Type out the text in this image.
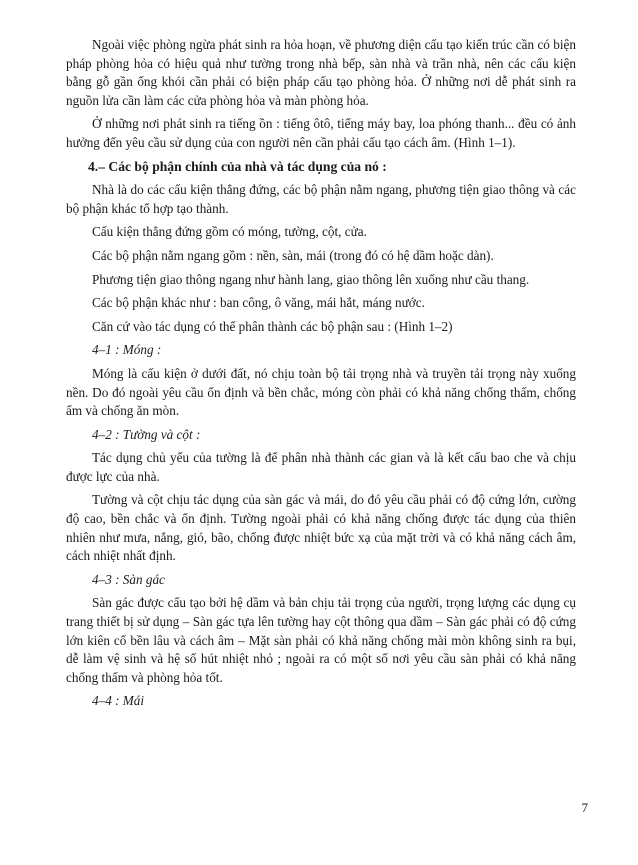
Ngoài việc phòng ngừa phát sinh ra hỏa hoạn, về phương diện cấu tạo kiến trúc cần có biện pháp phòng hỏa có hiệu quả như tường trong nhà bếp, sàn nhà và trần nhà, nên các cấu kiện bằng gỗ gần ống khói cần phải có biện pháp cấu tạo phòng hỏa. Ở những nơi dễ phát sinh ra nguồn lửa cần làm các cửa phòng hỏa và màn phòng hỏa.

Ở những nơi phát sinh ra tiếng ồn : tiếng ôtô, tiếng máy bay, loa phóng thanh... đều có ảnh hưởng đến yêu cầu sử dụng của con người nên cần phải cấu tạo cách âm. (Hình 1–1).

4.– Các bộ phận chính của nhà và tác dụng của nó :

Nhà là do các cấu kiện thẳng đứng, các bộ phận nằm ngang, phương tiện giao thông và các bộ phận khác tổ hợp tạo thành.

Cấu kiện thẳng đứng gồm có móng, tường, cột, cửa.

Các bộ phận nằm ngang gồm : nền, sàn, mái (trong đó có hệ dầm hoặc dàn).

Phương tiện giao thông ngang như hành lang, giao thông lên xuống như cầu thang.

Các bộ phận khác như : ban công, ô văng, mái hắt, máng nước.

Căn cứ vào tác dụng có thể phân thành các bộ phận sau : (Hình 1–2)

4–1 : Móng :

Móng là cấu kiện ở dưới đất, nó chịu toàn bộ tải trọng nhà và truyền tải trọng này xuống nền. Do đó ngoài yêu cầu ổn định và bền chắc, móng còn phải có khả năng chống thấm, chống ẩm và chống ăn mòn.

4–2 : Tường và cột :

Tác dụng chủ yếu của tường là để phân nhà thành các gian và là kết cấu bao che và chịu được lực của nhà.

Tường và cột chịu tác dụng của sàn gác và mái, do đó yêu cầu phải có độ cứng lớn, cường độ cao, bền chắc và ổn định. Tường ngoài phải có khả năng chống được tác dụng của thiên nhiên như mưa, nắng, gió, bão, chống được nhiệt bức xạ của mặt trời và có khả năng cách âm, cách nhiệt nhất định.

4–3 : Sàn gác

Sàn gác được cấu tạo bởi hệ dầm và bản chịu tải trọng của người, trọng lượng các dụng cụ trang thiết bị sử dụng – Sàn gác tựa lên tường hay cột thông qua dầm – Sàn gác phải có độ cứng lớn kiên cố bền lâu và cách âm – Mặt sàn phải có khả năng chống mài mòn không sinh ra bụi, dễ làm vệ sinh và hệ số hút nhiệt nhỏ ; ngoài ra có một số nơi yêu cầu sàn phải có khả năng chống thấm và phòng hỏa tốt.

4–4 : Mái

7
